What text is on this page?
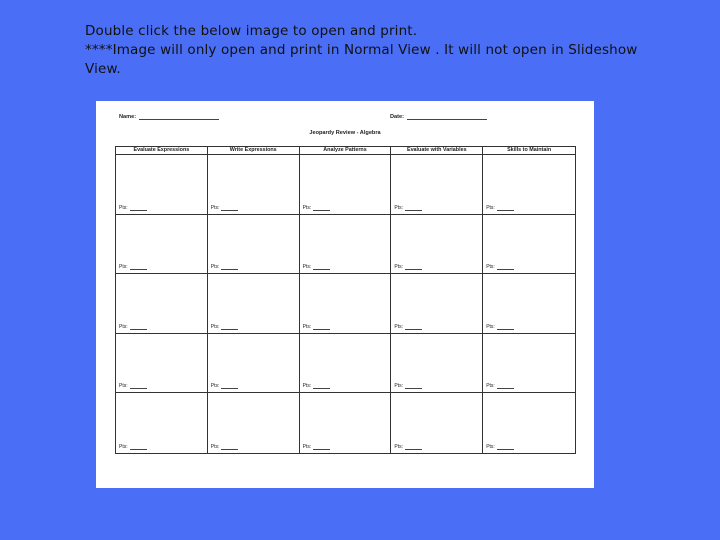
Double click the below image to open and print.

****Image will only open and print in Normal View . It will not open in Slideshow View.

Name:	Date:
Jeopardy Review - Algebra
Evaluate Expressions	Write Expressions	Analyze Patterns	Evaluate with Variables	Skills to Maintain
Pts:	Pts:	Pts:	Pts:	Pts:
Pts:	Pts:	Pts:	Pts:	Pts:
Pts:	Pts:	Pts:	Pts:	Pts:
Pts:	Pts:	Pts:	Pts:	Pts:
Pts:	Pts:	Pts:	Pts:	Pts:
